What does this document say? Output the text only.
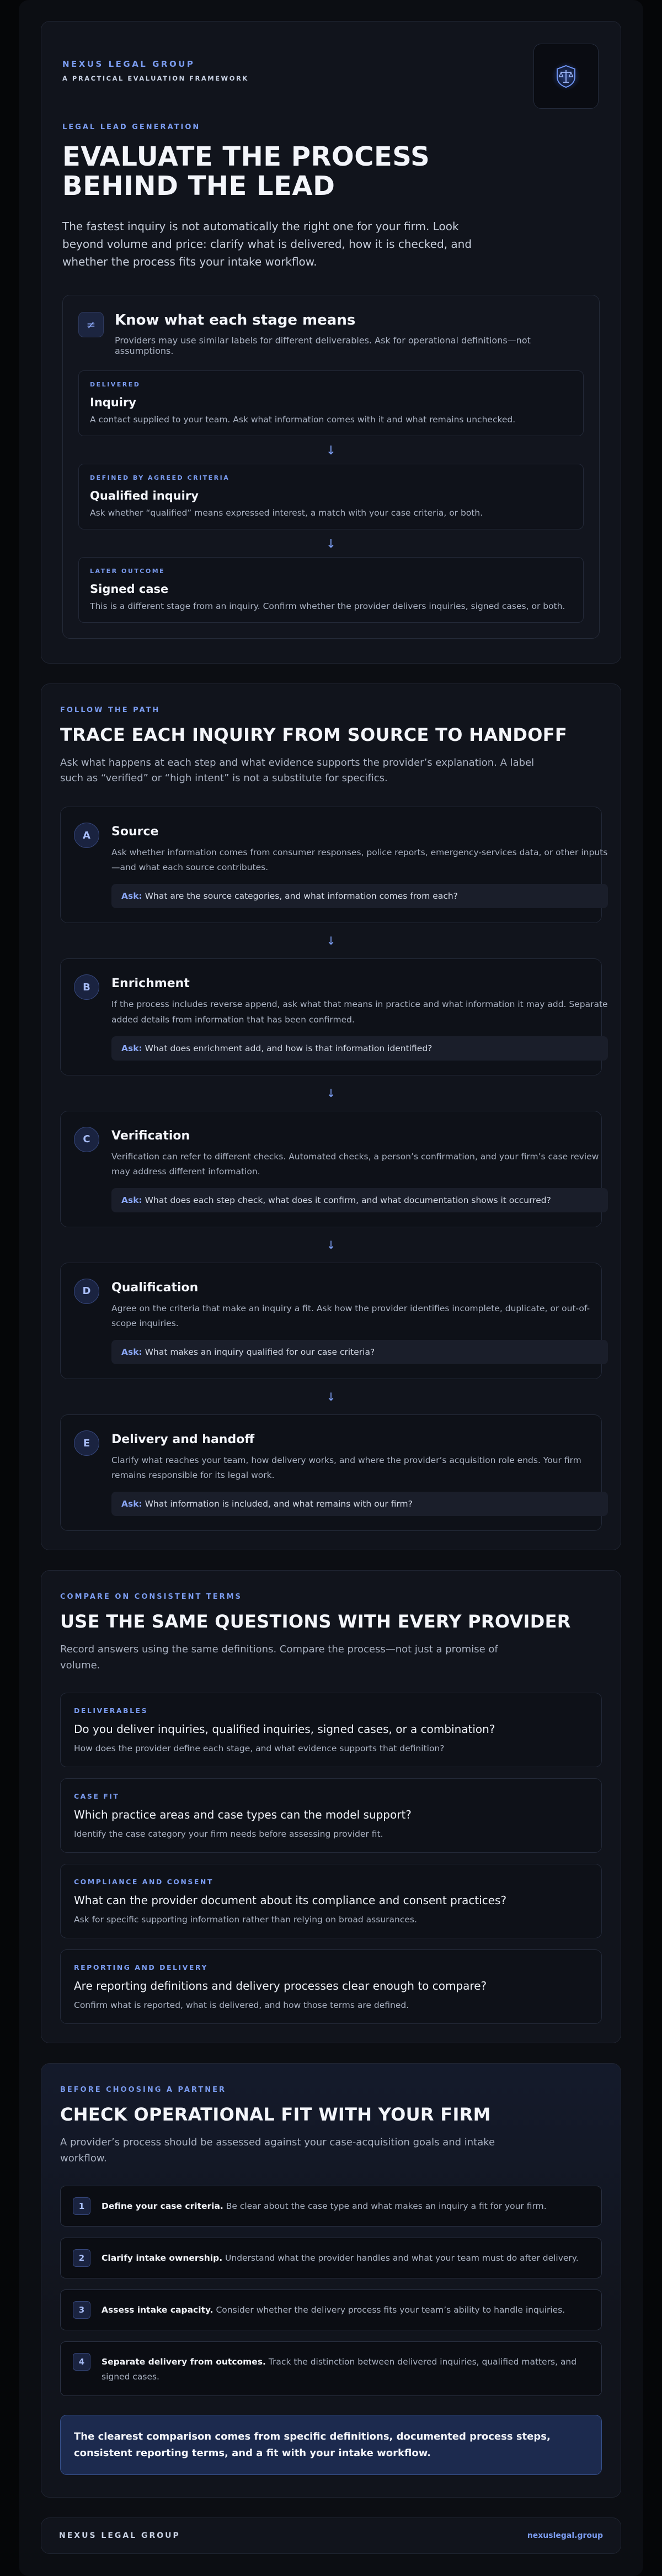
NEXUS LEGAL GROUP
A PRACTICAL EVALUATION FRAMEWORK
LEGAL LEAD GENERATION
EVALUATE THE PROCESS BEHIND THE LEAD

The fastest inquiry is not automatically the right one for your firm. Look beyond volume and price: clarify what is delivered, how it is checked, and whether the process fits your intake workflow.

≠	Know what each stage means
Providers may use similar labels for different deliverables. Ask for operational definitions—not assumptions.
DELIVERED
Inquiry
A contact supplied to your team. Ask what information comes with it and what remains unchecked.
↓
DEFINED BY AGREED CRITERIA
Qualified inquiry
Ask whether “qualified” means expressed interest, a match with your case criteria, or both.
↓
LATER OUTCOME
Signed case
This is a different stage from an inquiry. Confirm whether the provider delivers inquiries, signed cases, or both.
FOLLOW THE PATH
TRACE EACH INQUIRY FROM SOURCE TO HANDOFF

Ask what happens at each step and what evidence supports the provider’s explanation. A label such as “verified” or “high intent” is not a substitute for specifics.

A	Source
Ask whether information comes from consumer responses, police reports, emergency-services data, or other inputs—and what each source contributes.
Ask: What are the source categories, and what information comes from each?
↓
B	Enrichment
If the process includes reverse append, ask what that means in practice and what information it may add. Separate added details from information that has been confirmed.
Ask: What does enrichment add, and how is that information identified?
↓
C	Verification
Verification can refer to different checks. Automated checks, a person’s confirmation, and your firm’s case review may address different information.
Ask: What does each step check, what does it confirm, and what documentation shows it occurred?
↓
D	Qualification
Agree on the criteria that make an inquiry a fit. Ask how the provider identifies incomplete, duplicate, or out-of-scope inquiries.
Ask: What makes an inquiry qualified for our case criteria?
↓
E	Delivery and handoff
Clarify what reaches your team, how delivery works, and where the provider’s acquisition role ends. Your firm remains responsible for its legal work.
Ask: What information is included, and what remains with our firm?
COMPARE ON CONSISTENT TERMS
USE THE SAME QUESTIONS WITH EVERY PROVIDER

Record answers using the same definitions. Compare the process—not just a promise of volume.

DELIVERABLES
Do you deliver inquiries, qualified inquiries, signed cases, or a combination?
How does the provider define each stage, and what evidence supports that definition?
CASE FIT
Which practice areas and case types can the model support?
Identify the case category your firm needs before assessing provider fit.
COMPLIANCE AND CONSENT
What can the provider document about its compliance and consent practices?
Ask for specific supporting information rather than relying on broad assurances.
REPORTING AND DELIVERY
Are reporting definitions and delivery processes clear enough to compare?
Confirm what is reported, what is delivered, and how those terms are defined.
BEFORE CHOOSING A PARTNER
CHECK OPERATIONAL FIT WITH YOUR FIRM

A provider’s process should be assessed against your case-acquisition goals and intake workflow.

1	Define your case criteria. Be clear about the case type and what makes an inquiry a fit for your firm.
2	Clarify intake ownership. Understand what the provider handles and what your team must do after delivery.
3	Assess intake capacity. Consider whether the delivery process fits your team’s ability to handle inquiries.
4	Separate delivery from outcomes. Track the distinction between delivered inquiries, qualified matters, and signed cases.
The clearest comparison comes from specific definitions, documented process steps, consistent reporting terms, and a fit with your intake workflow.
NEXUS LEGAL GROUP	nexuslegal.group
